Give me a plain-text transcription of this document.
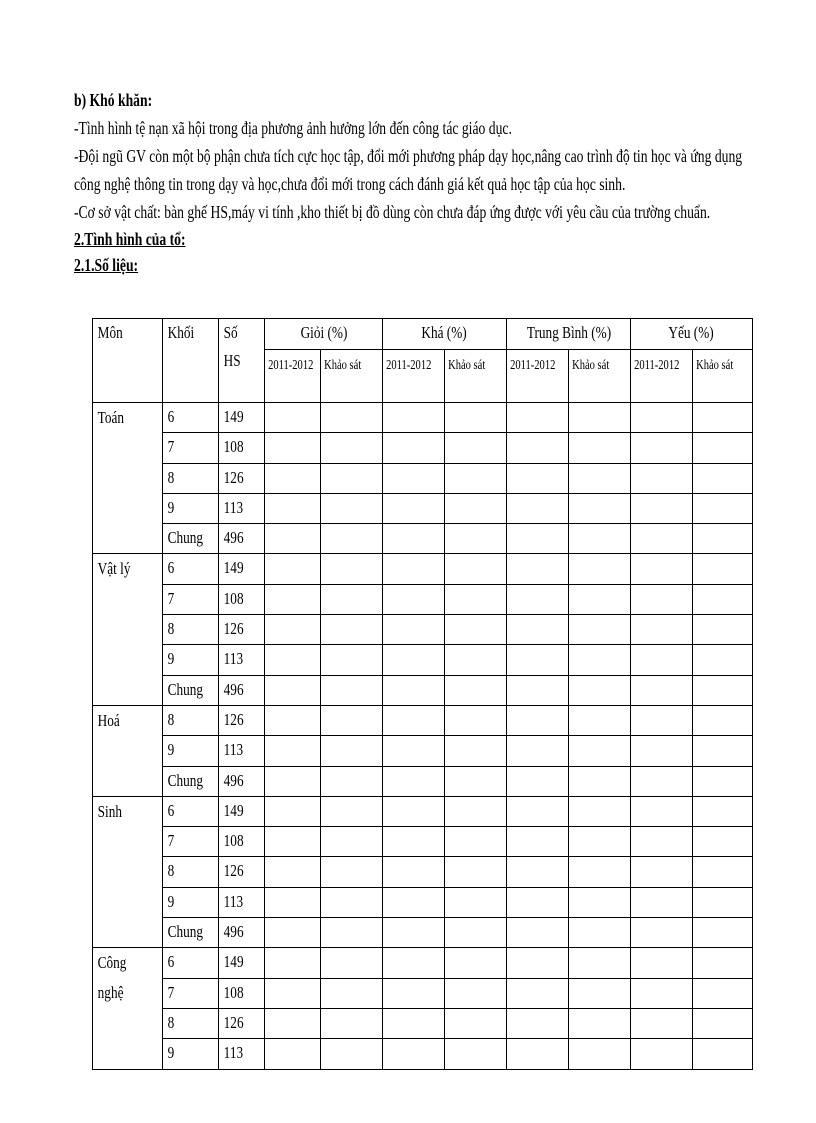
b) Khó khăn:

-Tình hình tệ nạn xã hội trong địa phương ảnh hưởng lớn đến công tác giáo dục.

-Đội ngũ GV còn một bộ phận chưa tích cực học tập, đổi mới phương pháp dạy học,nâng cao trình độ tin học và ứng dụng công nghệ thông tin trong dạy và học,chưa đổi mới trong cách đánh giá kết quả học tập của học sinh.

-Cơ sở vật chất: bàn ghế HS,máy vi tính ,kho thiết bị đồ dùng còn chưa đáp ứng được với yêu cầu của trường chuẩn.

2.Tình hình của tổ:
2.1.Số liệu:
Môn	Khối	Số HS	Giỏi (%)		Khá (%)		Trung Bình (%)		Yếu (%)	
			2011-2012	Khảo sát	2011-2012	Khảo sát	2011-2012	Khảo sát	2011-2012	Khảo sát
Toán	6	149								
	7	108								
	8	126								
	9	113								
	Chung	496								
Vật lý	6	149								
	7	108								
	8	126								
	9	113								
	Chung	496								
Hoá	8	126								
	9	113								
	Chung	496								
Sinh	6	149								
	7	108								
	8	126								
	9	113								
	Chung	496								
Công nghệ	6	149								
	7	108								
	8	126								
	9	113								
